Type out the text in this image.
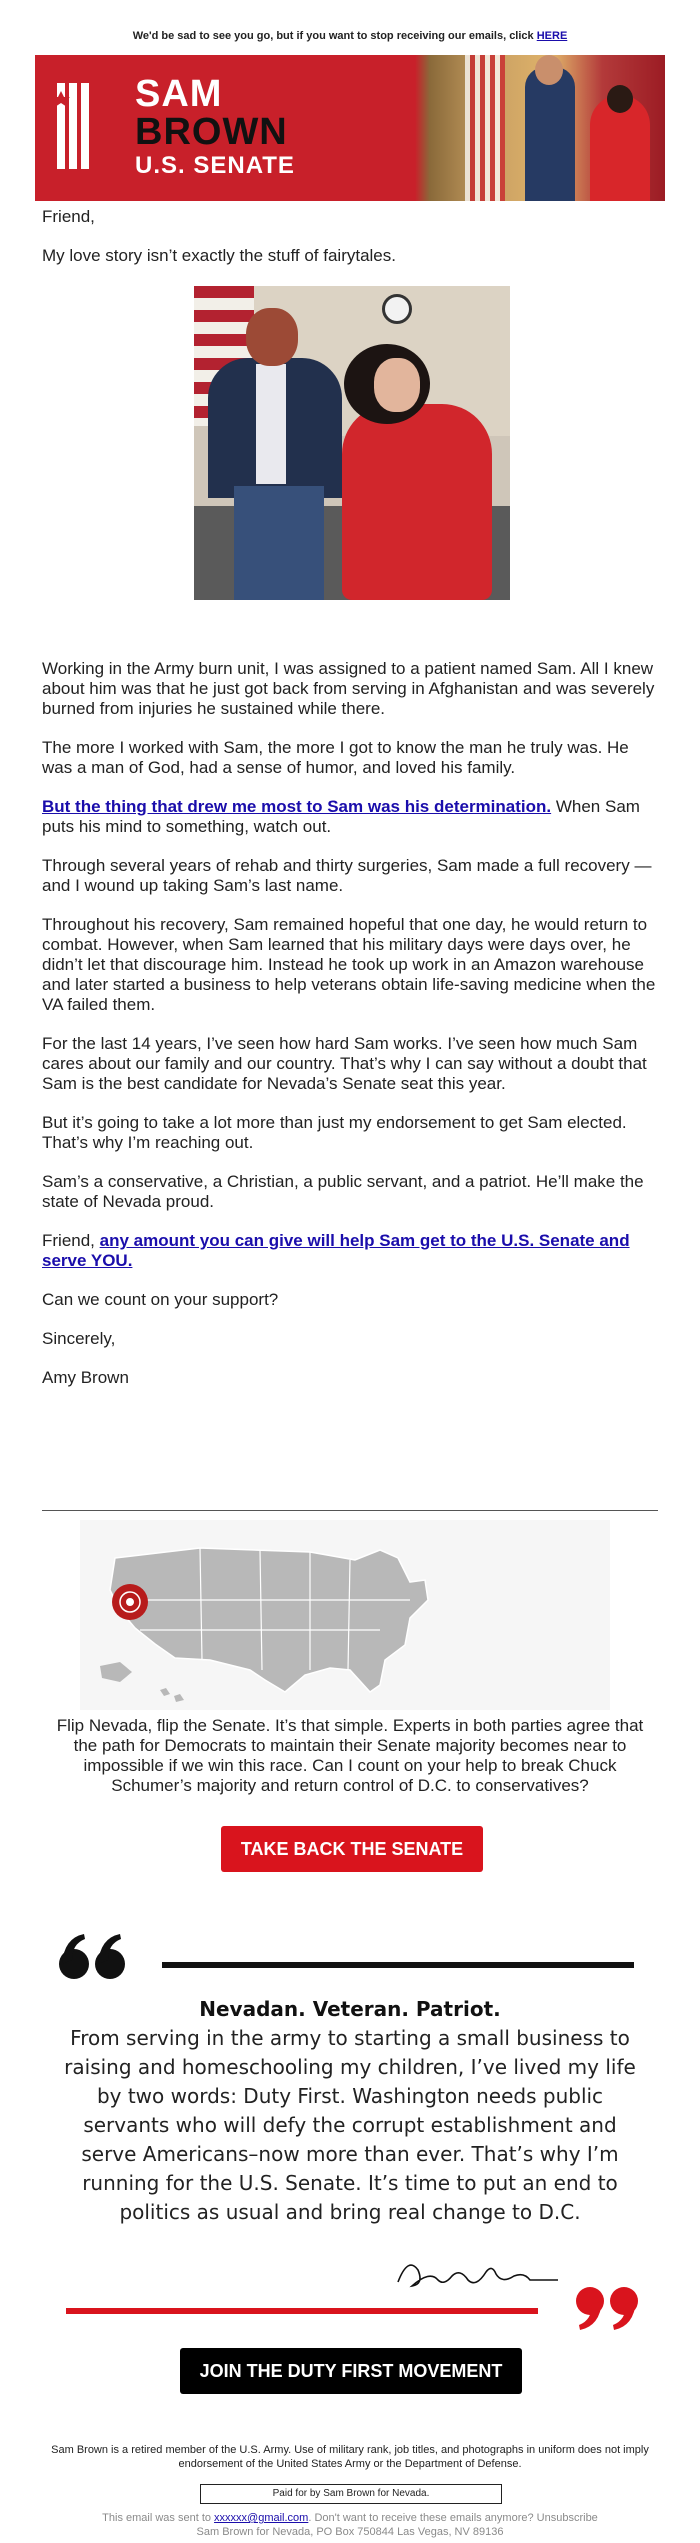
We'd be sad to see you go, but if you want to stop receiving our emails, click HERE
SAM
BROWN
U.S. SENATE

Friend,

My love story isn’t exactly the stuff of fairytales.

Working in the Army burn unit, I was assigned to a patient named Sam. All I knew about him was that he just got back from serving in Afghanistan and was severely burned from injuries he sustained while there.

The more I worked with Sam, the more I got to know the man he truly was. He was a man of God, had a sense of humor, and loved his family.

But the thing that drew me most to Sam was his determination. When Sam puts his mind to something, watch out.

Through several years of rehab and thirty surgeries, Sam made a full recovery — and I wound up taking Sam’s last name.

Throughout his recovery, Sam remained hopeful that one day, he would return to combat. However, when Sam learned that his military days were days over, he didn’t let that discourage him. Instead he took up work in an Amazon warehouse and later started a business to help veterans obtain life-saving medicine when the VA failed them.

For the last 14 years, I’ve seen how hard Sam works. I’ve seen how much Sam cares about our family and our country. That’s why I can say without a doubt that Sam is the best candidate for Nevada’s Senate seat this year.

But it’s going to take a lot more than just my endorsement to get Sam elected. That’s why I’m reaching out.

Sam’s a conservative, a Christian, a public servant, and a patriot. He’ll make the state of Nevada proud.

Friend, any amount you can give will help Sam get to the U.S. Senate and serve YOU.

Can we count on your support?

Sincerely,

Amy Brown

Flip Nevada, flip the Senate. It’s that simple. Experts in both parties agree that the path for Democrats to maintain their Senate majority becomes near to impossible if we win this race. Can I count on your help to break Chuck Schumer’s majority and return control of D.C. to conservatives?

TAKE BACK THE SENATE
Nevadan. Veteran. Patriot.
From serving in the army to starting a small business to raising and homeschooling my children, I’ve lived my life by two words: Duty First. Washington needs public servants who will defy the corrupt establishment and serve Americans–now more than ever. That’s why I’m running for the U.S. Senate. It’s time to put an end to politics as usual and bring real change to D.C.
JOIN THE DUTY FIRST MOVEMENT

Sam Brown is a retired member of the U.S. Army. Use of military rank, job titles, and photographs in uniform does not imply endorsement of the United States Army or the Department of Defense.

Paid for by Sam Brown for Nevada.
This email was sent to xxxxxx@gmail.com. Don't want to receive these emails anymore? Unsubscribe
Sam Brown for Nevada, PO Box 750844 Las Vegas, NV 89136
